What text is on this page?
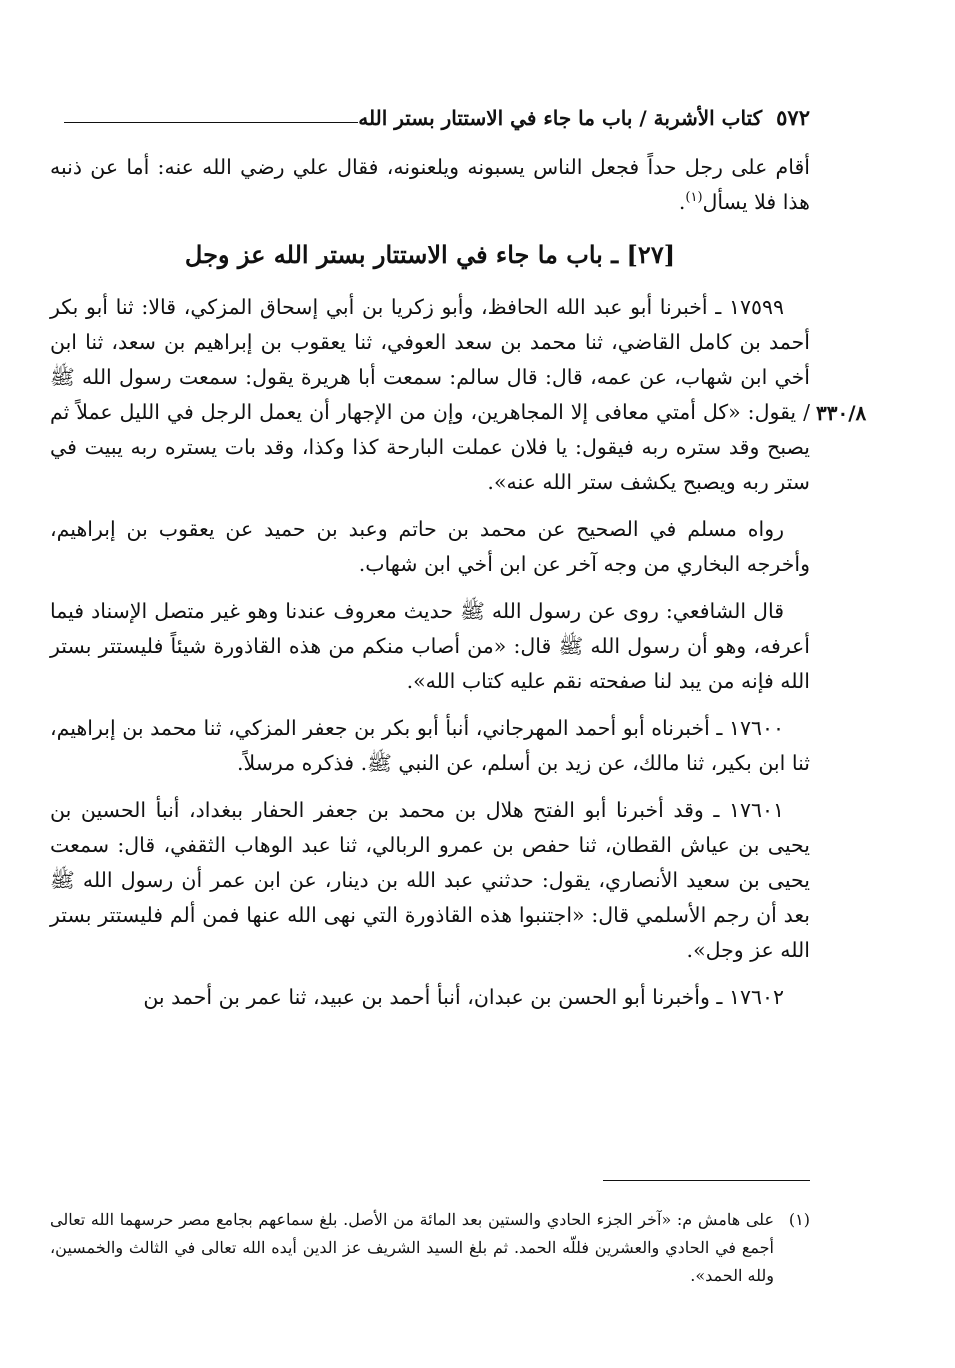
٥٧٢
كتاب الأشربة / باب ما جاء في الاستتار بستر الله
٣٣٠/٨

أقام على رجل حداً فجعل الناس يسبونه ويلعنونه، فقال علي رضي الله عنه: أما عن ذنبه هذا فلا يسأل$^{(١)}$.

[٢٧] ـ باب ما جاء في الاستتار بستر الله عز وجل

١٧٥٩٩ ـ أخبرنا أبو عبد الله الحافظ، وأبو زكريا بن أبي إسحاق المزكي، قالا: ثنا أبو بكر أحمد بن كامل القاضي، ثنا محمد بن سعد العوفي، ثنا يعقوب بن إبراهيم بن سعد، ثنا ابن أخي ابن شهاب، عن عمه، قال: قال سالم: سمعت أبا هريرة يقول: سمعت رسول الله ﷺ / يقول: «كل أمتي معافى إلا المجاهرين، وإن من الإجهار أن يعمل الرجل في الليل عملاً ثم يصبح وقد ستره ربه فيقول: يا فلان عملت البارحة كذا وكذا، وقد بات يستره ربه يبيت في ستر ربه ويصبح يكشف ستر الله عنه».

رواه مسلم في الصحيح عن محمد بن حاتم وعبد بن حميد عن يعقوب بن إبراهيم، وأخرجه البخاري من وجه آخر عن ابن أخي ابن شهاب.

قال الشافعي: روى عن رسول الله ﷺ حديث معروف عندنا وهو غير متصل الإسناد فيما أعرفه، وهو أن رسول الله ﷺ قال: «من أصاب منكم من هذه القاذورة شيئاً فليستتر بستر الله فإنه من يبد لنا صفحته نقم عليه كتاب الله».

١٧٦٠٠ ـ أخبرناه أبو أحمد المهرجاني، أنبأ أبو بكر بن جعفر المزكي، ثنا محمد بن إبراهيم، ثنا ابن بكير، ثنا مالك، عن زيد بن أسلم، عن النبي ﷺ. فذكره مرسلاً.

١٧٦٠١ ـ وقد أخبرنا أبو الفتح هلال بن محمد بن جعفر الحفار ببغداد، أنبأ الحسين بن يحيى بن عياش القطان، ثنا حفص بن عمرو الربالي، ثنا عبد الوهاب الثقفي، قال: سمعت يحيى بن سعيد الأنصاري، يقول: حدثني عبد الله بن دينار، عن ابن عمر أن رسول الله ﷺ بعد أن رجم الأسلمي قال: «اجتنبوا هذه القاذورة التي نهى الله عنها فمن ألم فليستتر بستر الله عز وجل».

١٧٦٠٢ ـ وأخبرنا أبو الحسن بن عبدان، أنبأ أحمد بن عبيد، ثنا عمر بن أحمد بن

(١)
على هامش م: «آخر الجزء الحادي والستين بعد المائة من الأصل. بلغ سماعهم بجامع مصر حرسهما الله تعالى أجمع في الحادي والعشرين فللّه الحمد. ثم بلغ السيد الشريف عز الدين أيده الله تعالى في الثالث والخمسين، ولله الحمد».
